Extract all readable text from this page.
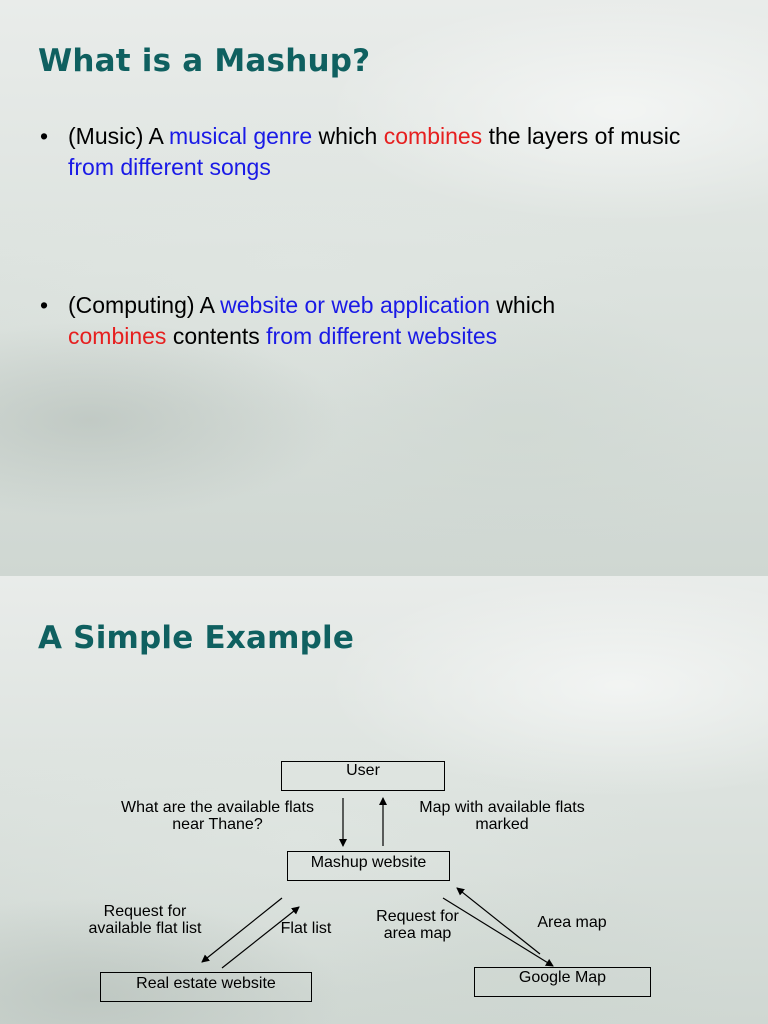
What is a Mashup?
• (Music) A musical genre which combines the layers of music from different songs
• (Computing) A website or web application which
combines contents from different websites
A Simple Example
User
Mashup website
Real estate website	Google Map
What are the available flats
near Thane?
Map with available flats
marked
Request for
available flat list	Flat list
Request for
area map
Area map
